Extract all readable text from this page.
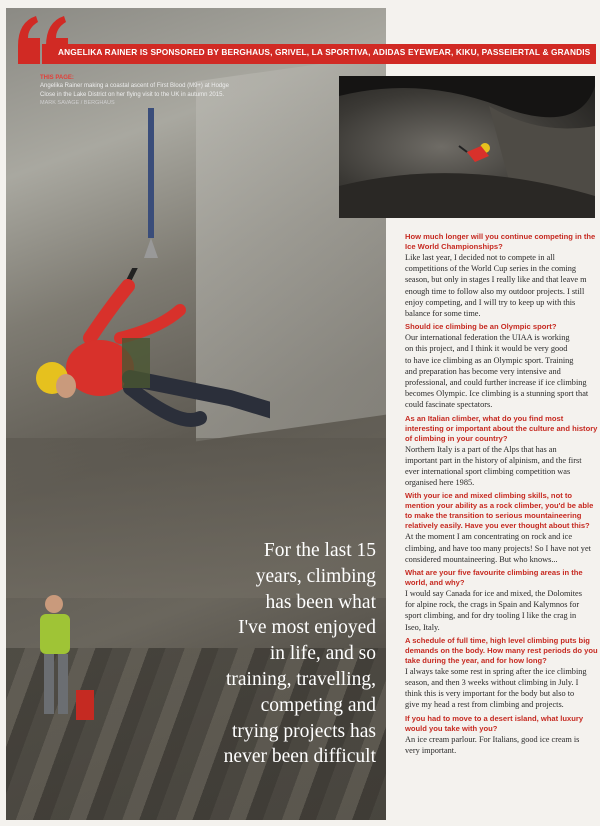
ANGELIKA RAINER IS SPONSORED BY BERGHAUS, GRIVEL, LA SPORTIVA, ADIDAS EYEWEAR, KIKU, PASSEIERTAL & GRANDIS
THIS PAGE:
Angelika Rainer making a coastal ascent of First Blood (M9+) at Hodge
Close in the Lake District on her flying visit to the UK in autumn 2015.
MARK SAVAGE / BERGHAUS
For the last 15
years, climbing
has been what
I've most enjoyed
in life, and so
training, travelling,
competing and
trying projects has
never been difficult
How much longer will you continue competing in the
Ice World Championships?
Like last year, I decided not to compete in all
competitions of the World Cup series in the coming
season, but only in stages I really like and that leave m
enough time to follow also my outdoor projects. I still
enjoy competing, and I will try to keep up with this
balance for some time.
Should ice climbing be an Olympic sport?
Our international federation the UIAA is working
on this project, and I think it would be very good
to have ice climbing as an Olympic sport. Training
and preparation has become very intensive and
professional, and could further increase if ice climbing
becomes Olympic. Ice climbing is a stunning sport that
could fascinate spectators.
As an Italian climber, what do you find most
interesting or important about the culture and history
of climbing in your country?
Northern Italy is a part of the Alps that has an
important part in the history of alpinism, and the first
ever international sport climbing competition was
organised here 1985.
With your ice and mixed climbing skills, not to
mention your ability as a rock climber, you'd be able
to make the transition to serious mountaineering
relatively easily. Have you ever thought about this?
At the moment I am concentrating on rock and ice
climbing, and have too many projects! So I have not yet
considered mountaineering. But who knows...
What are your five favourite climbing areas in the
world, and why?
I would say Canada for ice and mixed, the Dolomites
for alpine rock, the crags in Spain and Kalymnos for
sport climbing, and for dry tooling I like the crag in
Iseo, Italy.
A schedule of full time, high level climbing puts big
demands on the body. How many rest periods do you
take during the year, and for how long?
I always take some rest in spring after the ice climbing
season, and then 3 weeks without climbing in July. I
think this is very important for the body but also to
give my head a rest from climbing and projects.
If you had to move to a desert island, what luxury
would you take with you?
An ice cream parlour. For Italians, good ice cream is
very important.
